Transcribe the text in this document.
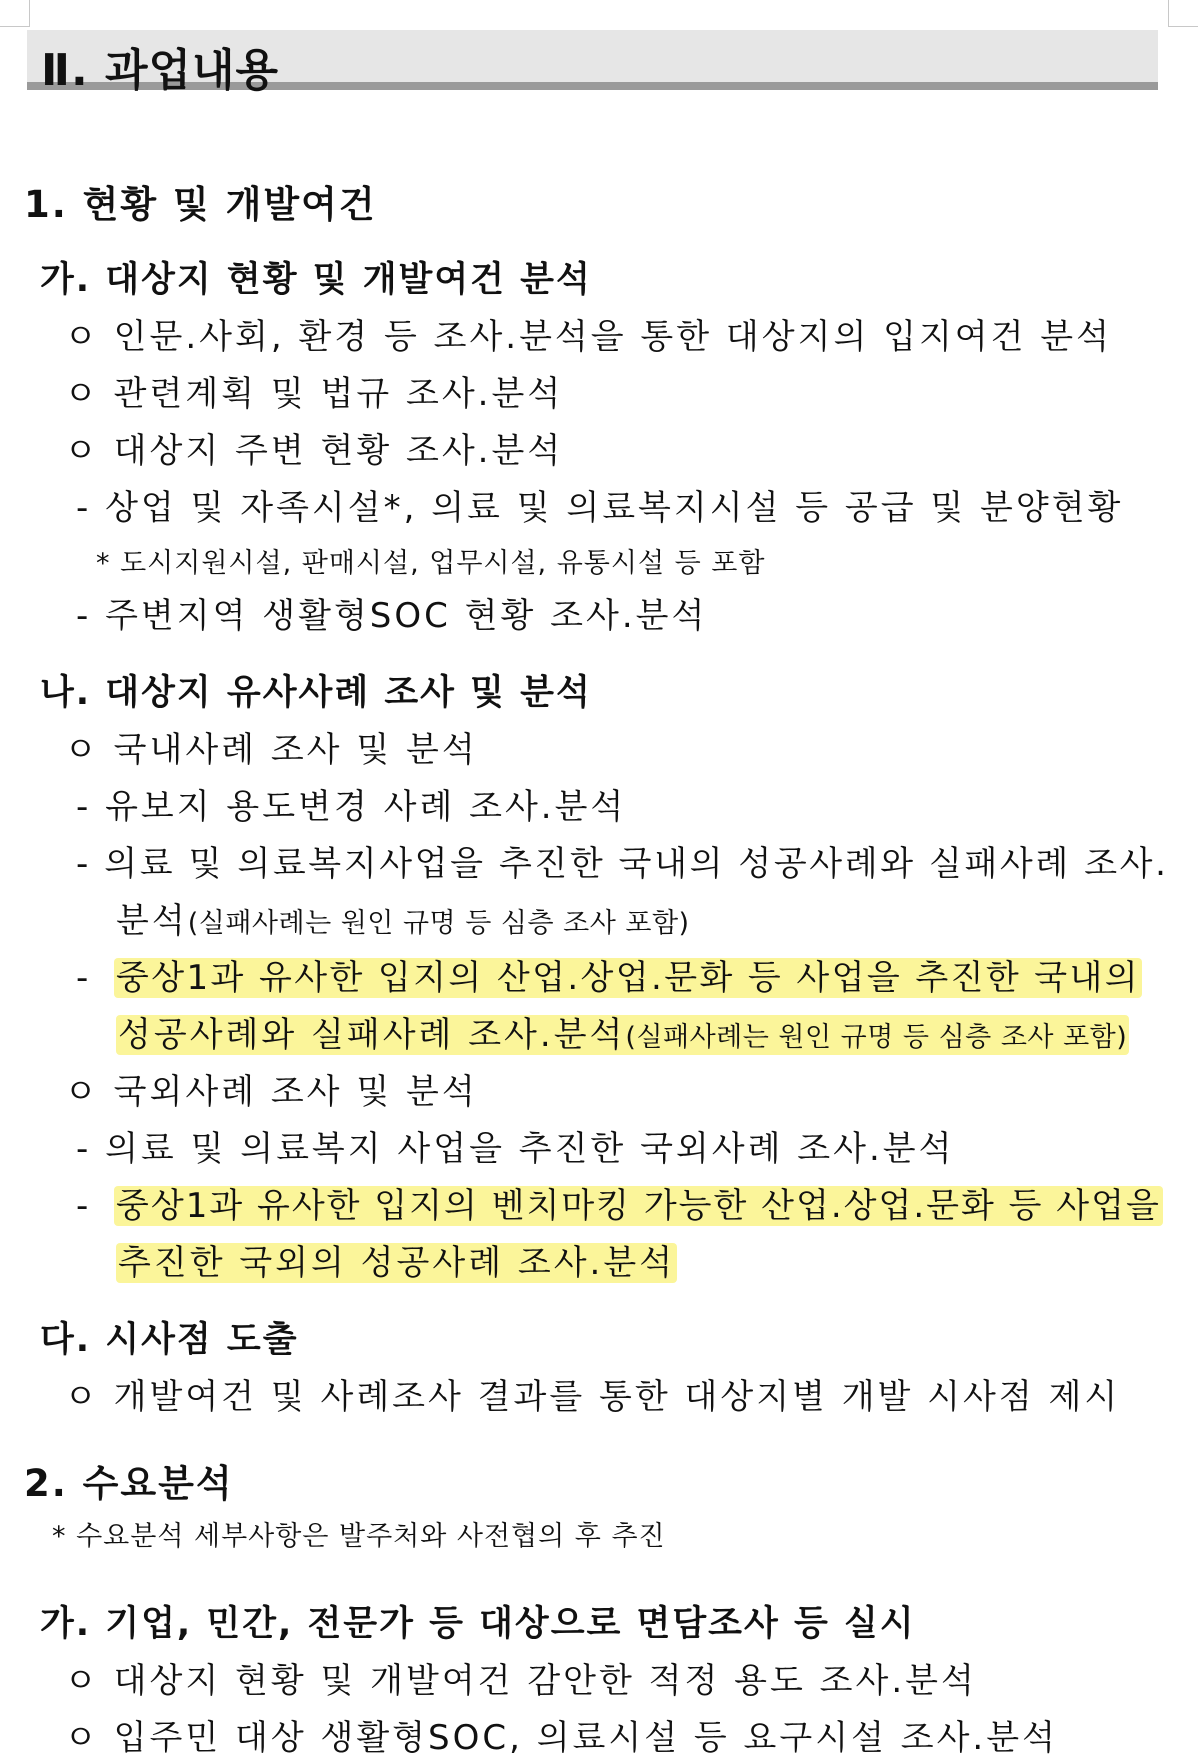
Ⅱ. 과업내용
1. 현황 및 개발여건
가. 대상지 현황 및 개발여건 분석
ㅇ 인문.사회, 환경 등 조사.분석을 통한 대상지의 입지여건 분석
ㅇ 관련계획 및 법규 조사.분석
ㅇ 대상지 주변 현황 조사.분석
- 상업 및 자족시설*, 의료 및 의료복지시설 등 공급 및 분양현황
* 도시지원시설, 판매시설, 업무시설, 유통시설 등 포함
- 주변지역 생활형SOC 현황 조사.분석
나. 대상지 유사사례 조사 및 분석
ㅇ 국내사례 조사 및 분석
- 유보지 용도변경 사례 조사.분석
- 의료 및 의료복지사업을 추진한 국내의 성공사례와 실패사례 조사.
분석(실패사례는 원인 규명 등 심층 조사 포함)
- 중상1과 유사한 입지의 산업.상업.문화 등 사업을 추진한 국내의
성공사례와 실패사례 조사.분석(실패사례는 원인 규명 등 심층 조사 포함)
ㅇ 국외사례 조사 및 분석
- 의료 및 의료복지 사업을 추진한 국외사례 조사.분석
- 중상1과 유사한 입지의 벤치마킹 가능한 산업.상업.문화 등 사업을
추진한 국외의 성공사례 조사.분석
다. 시사점 도출
ㅇ 개발여건 및 사례조사 결과를 통한 대상지별 개발 시사점 제시
2. 수요분석
* 수요분석 세부사항은 발주처와 사전협의 후 추진
가. 기업, 민간, 전문가 등 대상으로 면담조사 등 실시
ㅇ 대상지 현황 및 개발여건 감안한 적정 용도 조사.분석
ㅇ 입주민 대상 생활형SOC, 의료시설 등 요구시설 조사.분석
